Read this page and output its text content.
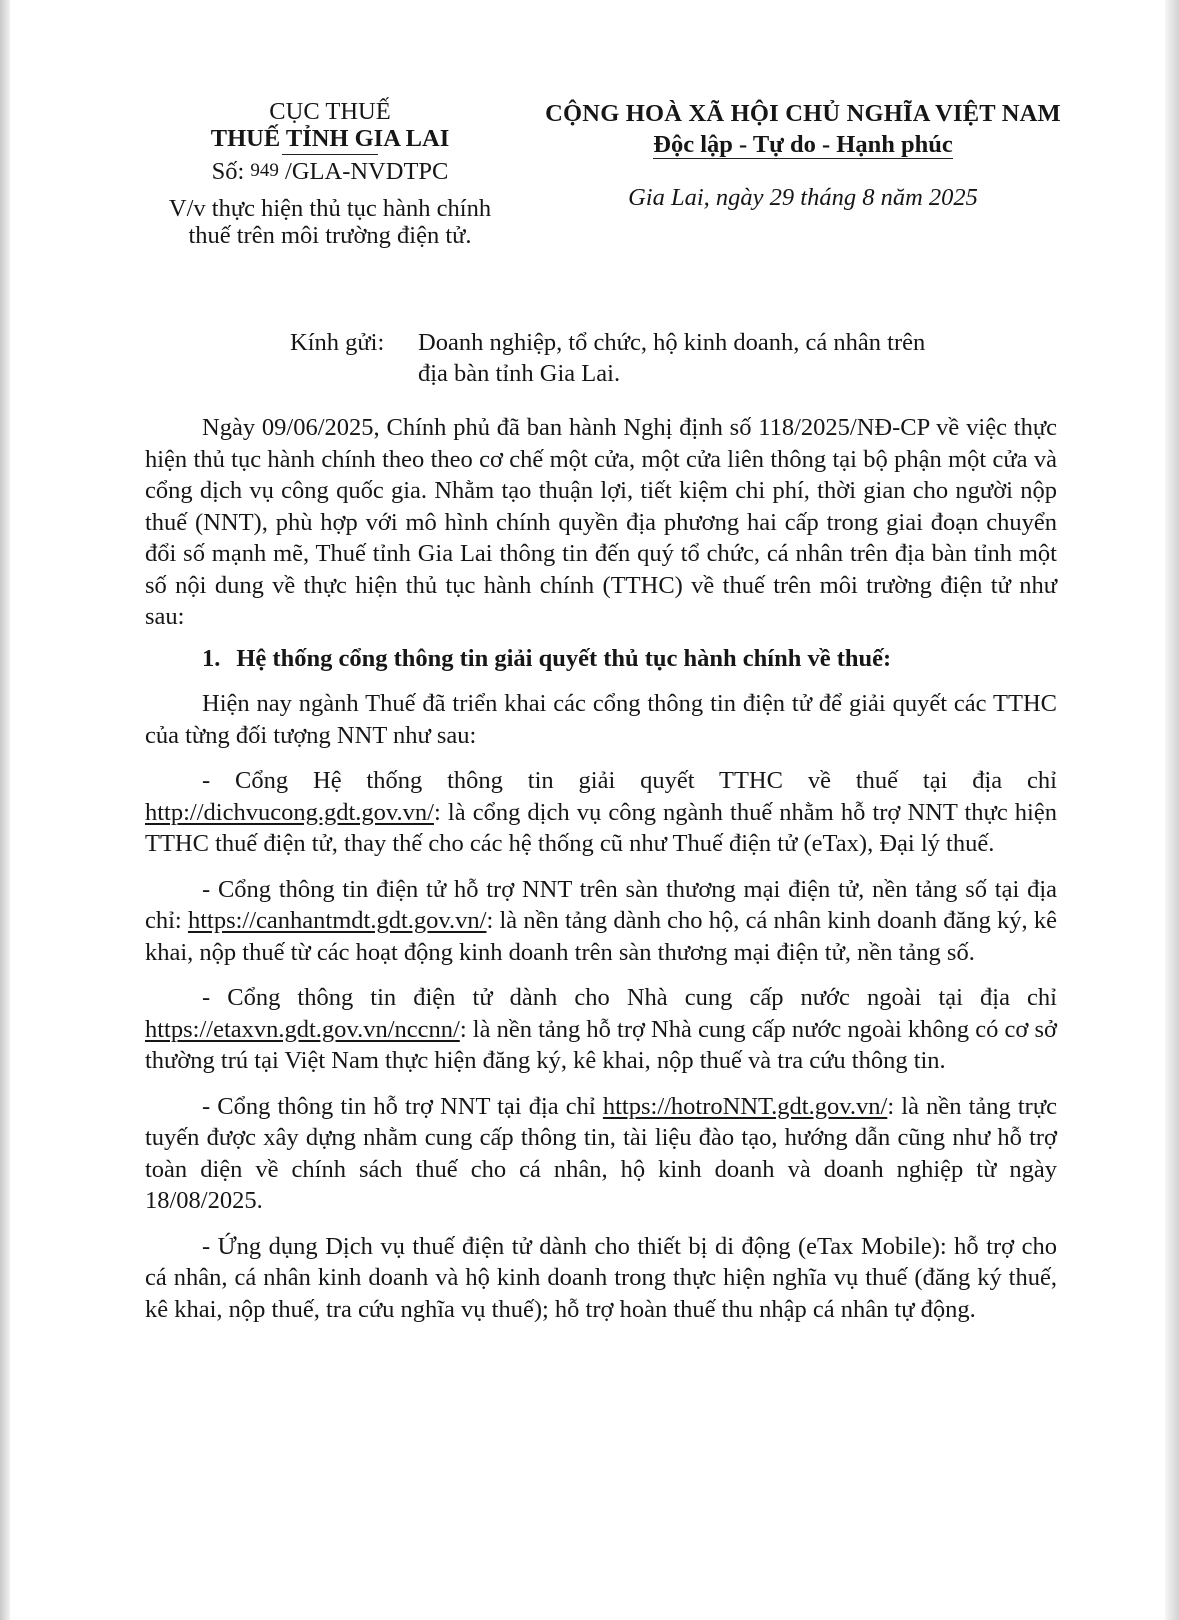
CỤC THUẾ
THUẾ TỈNH GIA LAI
Số: 949 /GLA-NVDTPC
V/v thực hiện thủ tục hành chính
thuế trên môi trường điện tử.
CỘNG HOÀ XÃ HỘI CHỦ NGHĨA VIỆT NAM
Độc lập - Tự do - Hạnh phúc
Gia Lai, ngày 29 tháng 8 năm 2025
Kính gửi: Doanh nghiệp, tổ chức, hộ kinh doanh, cá nhân trên
địa bàn tỉnh Gia Lai.

Ngày 09/06/2025, Chính phủ đã ban hành Nghị định số 118/2025/NĐ-CP về việc thực hiện thủ tục hành chính theo theo cơ chế một cửa, một cửa liên thông tại bộ phận một cửa và cổng dịch vụ công quốc gia. Nhằm tạo thuận lợi, tiết kiệm chi phí, thời gian cho người nộp thuế (NNT), phù hợp với mô hình chính quyền địa phương hai cấp trong giai đoạn chuyển đổi số mạnh mẽ, Thuế tỉnh Gia Lai thông tin đến quý tổ chức, cá nhân trên địa bàn tỉnh một số nội dung về thực hiện thủ tục hành chính (TTHC) về thuế trên môi trường điện tử như sau:

1. Hệ thống cổng thông tin giải quyết thủ tục hành chính về thuế:

Hiện nay ngành Thuế đã triển khai các cổng thông tin điện tử để giải quyết các TTHC của từng đối tượng NNT như sau:

- Cổng Hệ thống thông tin giải quyết TTHC về thuế tại địa chỉ http://dichvucong.gdt.gov.vn/: là cổng dịch vụ công ngành thuế nhằm hỗ trợ NNT thực hiện TTHC thuế điện tử, thay thế cho các hệ thống cũ như Thuế điện tử (eTax), Đại lý thuế.

- Cổng thông tin điện tử hỗ trợ NNT trên sàn thương mại điện tử, nền tảng số tại địa chỉ: https://canhantmdt.gdt.gov.vn/: là nền tảng dành cho hộ, cá nhân kinh doanh đăng ký, kê khai, nộp thuế từ các hoạt động kinh doanh trên sàn thương mại điện tử, nền tảng số.

- Cổng thông tin điện tử dành cho Nhà cung cấp nước ngoài tại địa chỉ https://etaxvn.gdt.gov.vn/nccnn/: là nền tảng hỗ trợ Nhà cung cấp nước ngoài không có cơ sở thường trú tại Việt Nam thực hiện đăng ký, kê khai, nộp thuế và tra cứu thông tin.

- Cổng thông tin hỗ trợ NNT tại địa chỉ https://hotroNNT.gdt.gov.vn/: là nền tảng trực tuyến được xây dựng nhằm cung cấp thông tin, tài liệu đào tạo, hướng dẫn cũng như hỗ trợ toàn diện về chính sách thuế cho cá nhân, hộ kinh doanh và doanh nghiệp từ ngày 18/08/2025.

- Ứng dụng Dịch vụ thuế điện tử dành cho thiết bị di động (eTax Mobile): hỗ trợ cho cá nhân, cá nhân kinh doanh và hộ kinh doanh trong thực hiện nghĩa vụ thuế (đăng ký thuế, kê khai, nộp thuế, tra cứu nghĩa vụ thuế); hỗ trợ hoàn thuế thu nhập cá nhân tự động.
